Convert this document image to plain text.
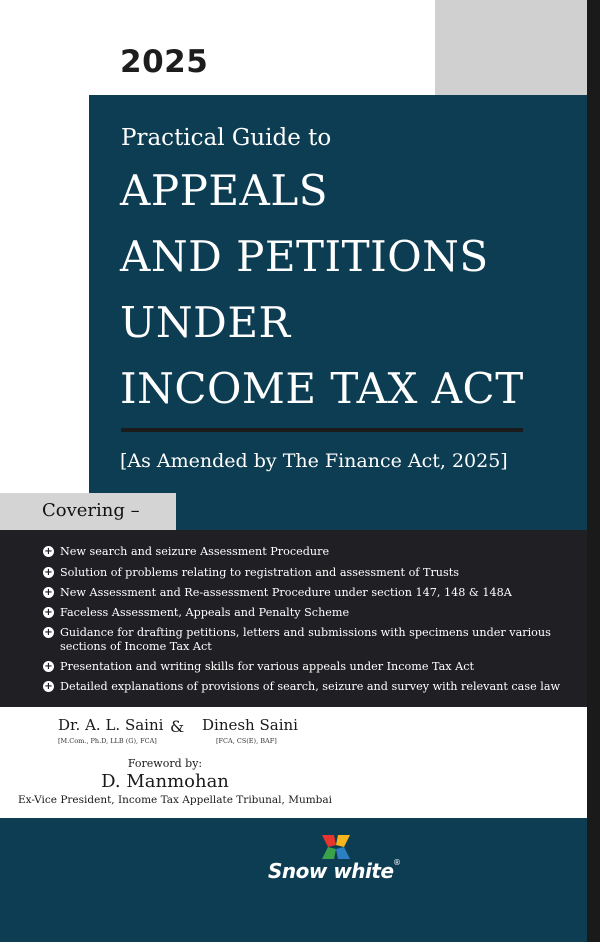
2025
Practical Guide to
APPEALS
AND PETITIONS
UNDER
INCOME TAX ACT
[As Amended by The Finance Act, 2025]
Covering –
+ New search and seizure Assessment Procedure
+ Solution of problems relating to registration and assessment of Trusts
+ New Assessment and Re-assessment Procedure under section 147, 148 & 148A
+ Faceless Assessment, Appeals and Penalty Scheme
+ Guidance for drafting petitions, letters and submissions with specimens under various sections of Income Tax Act
+ Presentation and writing skills for various appeals under Income Tax Act
+ Detailed explanations of provisions of search, seizure and survey with relevant case law
Dr. A. L. Saini
[M.Com., Ph.D, LLB (G), FCA]
& Dinesh Saini
[FCA, CS(E), BAF]
Foreword by:
D. Manmohan
Ex-Vice President, Income Tax Appellate Tribunal, Mumbai
Snow white ®
